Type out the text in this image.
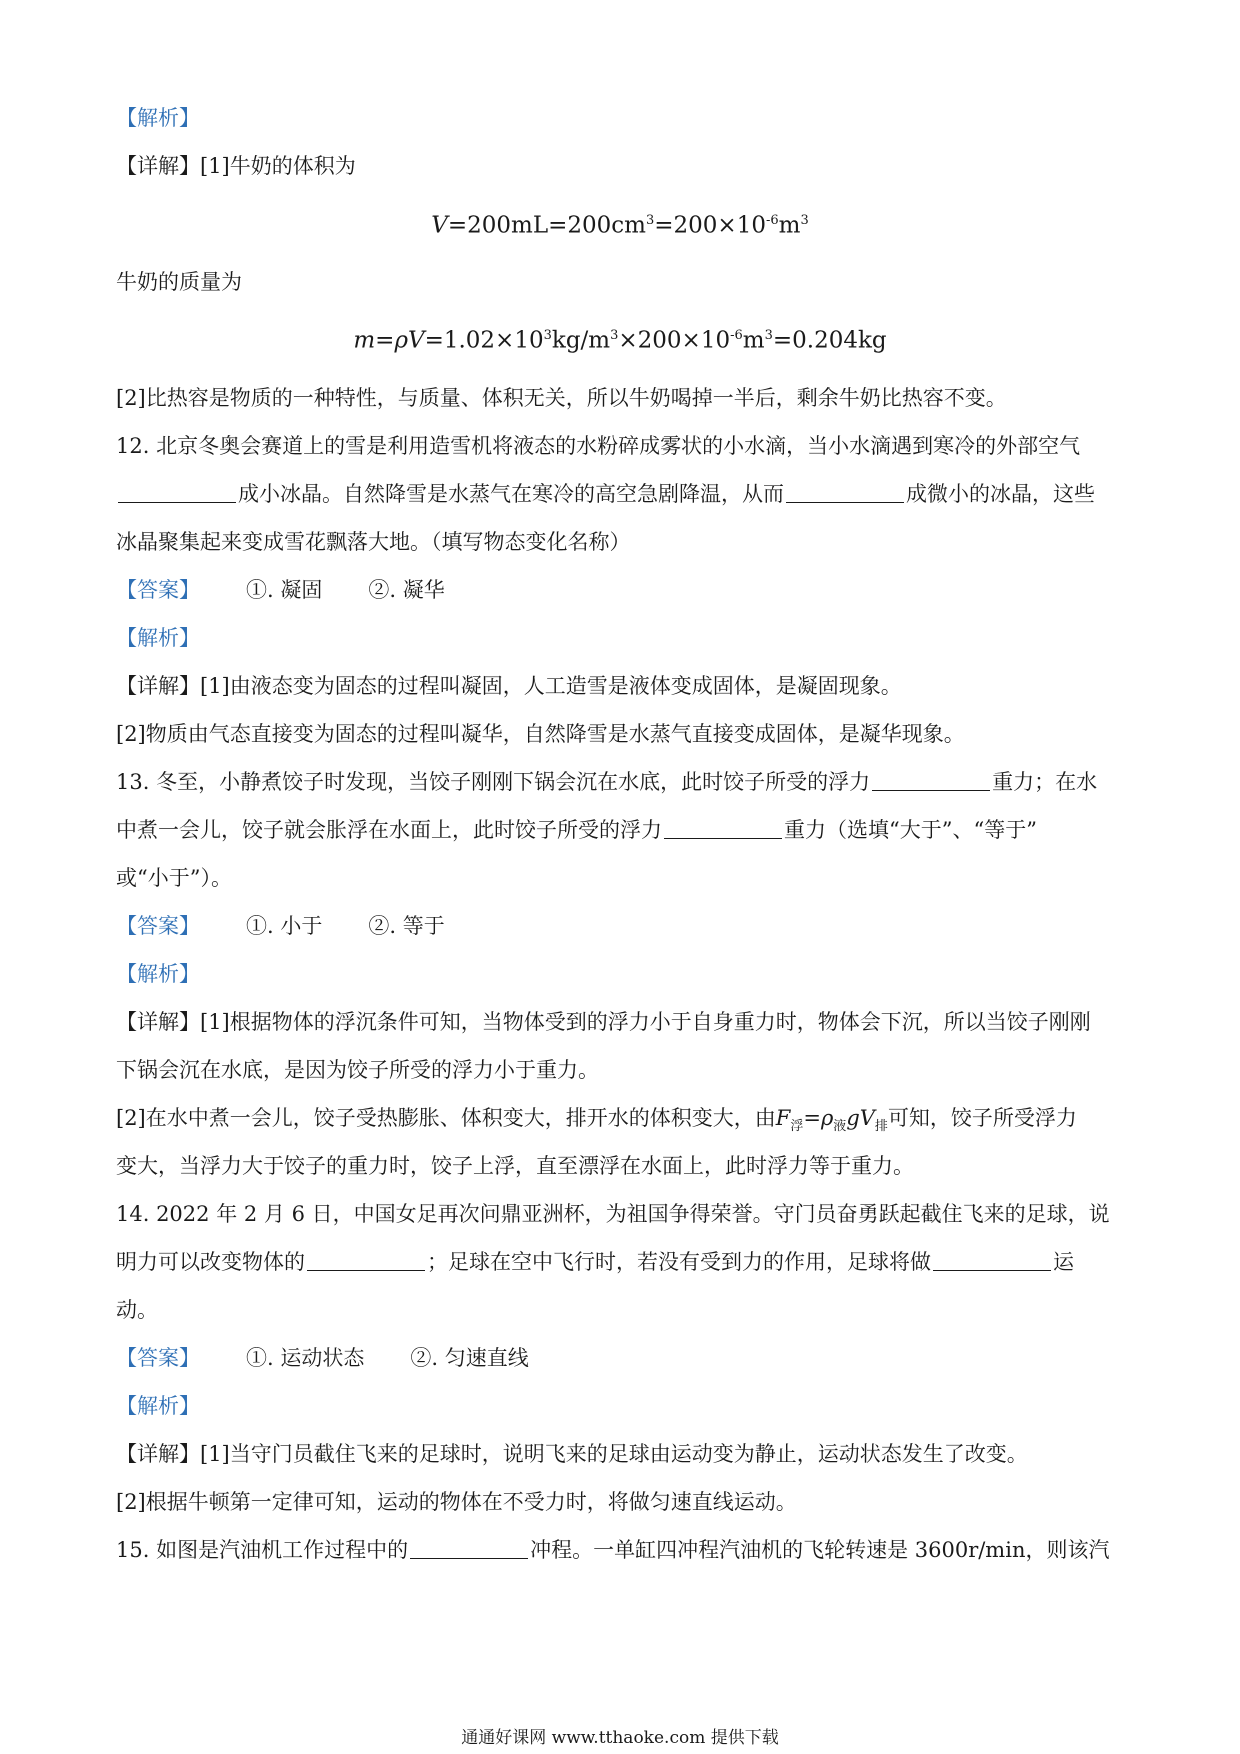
【解析】
【详解】[1]牛奶的体积为
$V=200mL=200cm^3=200\times 10^{-6}m^3$
牛奶的质量为
$m=\rho V=1.02\times 10^3kg/m^3\times 200\times 10^{-6}m^3=0.204kg$
[2]比热容是物质的一种特性，与质量、体积无关，所以牛奶喝掉一半后，剩余牛奶比热容不变。
12. 北京冬奥会赛道上的雪是利用造雪机将液态的水粉碎成雾状的小水滴，当小水滴遇到寒冷的外部空气
成小冰晶。自然降雪是水蒸气在寒冷的高空急剧降温，从而	成微小的冰晶，这些
冰晶聚集起来变成雪花飘落大地。（填写物态变化名称）
【答案】 ①. 凝固 ②. 凝华
【解析】
【详解】[1]由液态变为固态的过程叫凝固，人工造雪是液体变成固体，是凝固现象。
[2]物质由气态直接变为固态的过程叫凝华，自然降雪是水蒸气直接变成固体，是凝华现象。
13. 冬至，小静煮饺子时发现，当饺子刚刚下锅会沉在水底，此时饺子所受的浮力	重力；在水
中煮一会儿，饺子就会胀浮在水面上，此时饺子所受的浮力	重力（选填“大于”、“等于”
或“小于”）。
【答案】 ①. 小于 ②. 等于
【解析】
【详解】[1]根据物体的浮沉条件可知，当物体受到的浮力小于自身重力时，物体会下沉，所以当饺子刚刚
下锅会沉在水底，是因为饺子所受的浮力小于重力。
[2]在水中煮一会儿，饺子受热膨胀、体积变大，排开水的体积变大，由$F_浮=\rho_液gV_排$可知，饺子所受浮力
变大，当浮力大于饺子的重力时，饺子上浮，直至漂浮在水面上，此时浮力等于重力。
14. 2022 年 2 月 6 日，中国女足再次问鼎亚洲杯，为祖国争得荣誉。守门员奋勇跃起截住飞来的足球，说
明力可以改变物体的	；足球在空中飞行时，若没有受到力的作用，足球将做	运
动。
【答案】 ①. 运动状态 ②. 匀速直线
【解析】
【详解】[1]当守门员截住飞来的足球时，说明飞来的足球由运动变为静止，运动状态发生了改变。
[2]根据牛顿第一定律可知，运动的物体在不受力时，将做匀速直线运动。
15. 如图是汽油机工作过程中的	冲程。一单缸四冲程汽油机的飞轮转速是 3600r/min，则该汽
通通好课网 www.tthaoke.com 提供下载
